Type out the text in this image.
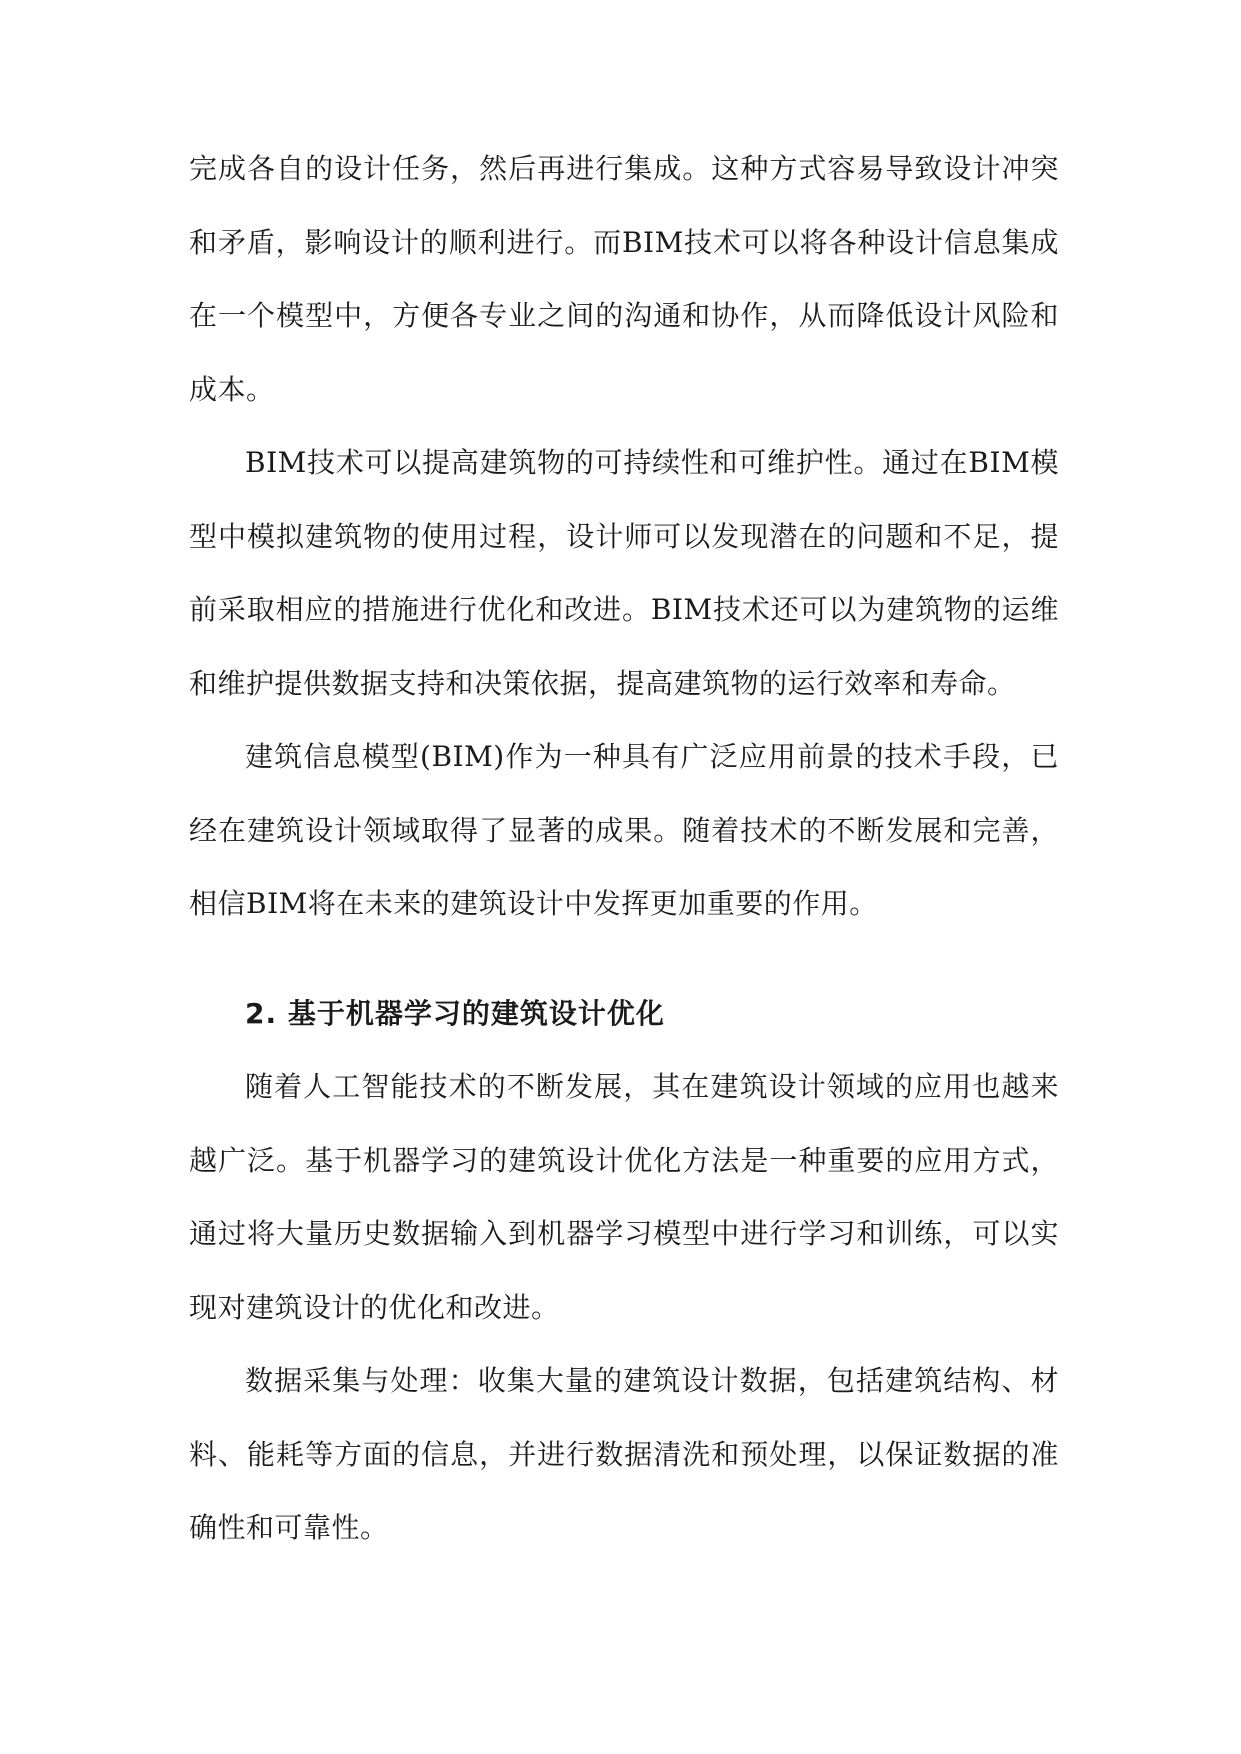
完成各自的设计任务，然后再进行集成。这种方式容易导致设计冲突
和矛盾，影响设计的顺利进行。而BIM技术可以将各种设计信息集成
在一个模型中，方便各专业之间的沟通和协作，从而降低设计风险和
成本。
BIM技术可以提高建筑物的可持续性和可维护性。通过在BIM模
型中模拟建筑物的使用过程，设计师可以发现潜在的问题和不足，提
前采取相应的措施进行优化和改进。BIM技术还可以为建筑物的运维
和维护提供数据支持和决策依据，提高建筑物的运行效率和寿命。
建筑信息模型(BIM)作为一种具有广泛应用前景的技术手段，已
经在建筑设计领域取得了显著的成果。随着技术的不断发展和完善，
相信BIM将在未来的建筑设计中发挥更加重要的作用。
2. 基于机器学习的建筑设计优化
随着人工智能技术的不断发展，其在建筑设计领域的应用也越来
越广泛。基于机器学习的建筑设计优化方法是一种重要的应用方式，
通过将大量历史数据输入到机器学习模型中进行学习和训练，可以实
现对建筑设计的优化和改进。
数据采集与处理：收集大量的建筑设计数据，包括建筑结构、材
料、能耗等方面的信息，并进行数据清洗和预处理，以保证数据的准
确性和可靠性。
